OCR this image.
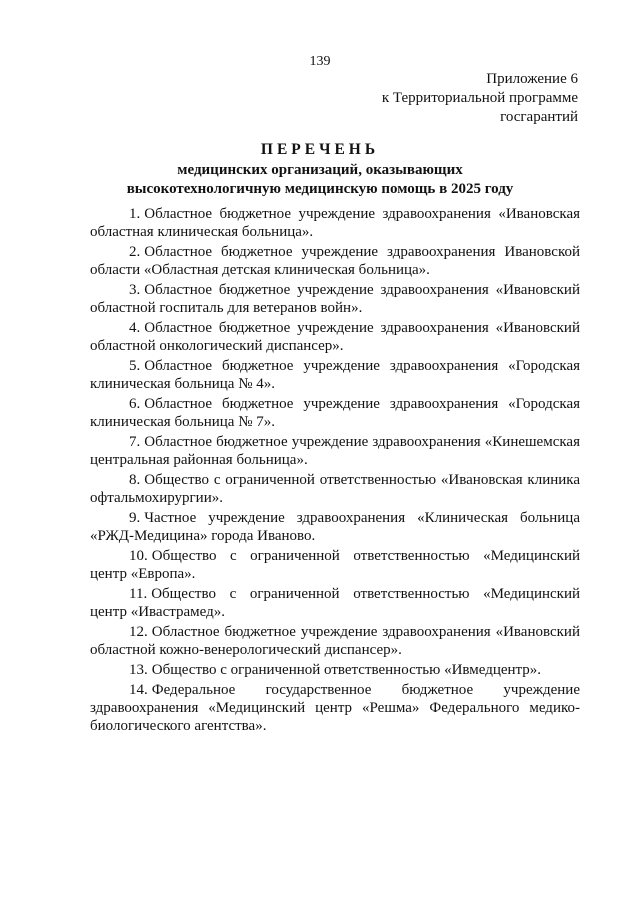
139
Приложение 6
к Территориальной программе
госгарантий
ПЕРЕЧЕНЬ
медицинских организаций, оказывающих
высокотехнологичную медицинскую помощь в 2025 году

1. Областное бюджетное учреждение здравоохранения «Ивановская областная клиническая больница».

2. Областное бюджетное учреждение здравоохранения Ивановской области «Областная детская клиническая больница».

3. Областное бюджетное учреждение здравоохранения «Ивановский областной госпиталь для ветеранов войн».

4. Областное бюджетное учреждение здравоохранения «Ивановский областной онкологический диспансер».

5. Областное бюджетное учреждение здравоохранения «Городская клиническая больница № 4».

6. Областное бюджетное учреждение здравоохранения «Городская клиническая больница № 7».

7. Областное бюджетное учреждение здравоохранения «Кинешемская центральная районная больница».

8. Общество с ограниченной ответственностью «Ивановская клиника офтальмохирургии».

9. Частное учреждение здравоохранения «Клиническая больница «РЖД-Медицина» города Иваново.

10. Общество с ограниченной ответственностью «Медицинский центр «Европа».

11. Общество с ограниченной ответственностью «Медицинский центр «Ивастрамед».

12. Областное бюджетное учреждение здравоохранения «Ивановский областной кожно-венерологический диспансер».

13. Общество с ограниченной ответственностью «Ивмедцентр».

14. Федеральное государственное бюджетное учреждение здравоохранения «Медицинский центр «Решма» Федерального медико-биологического агентства».
